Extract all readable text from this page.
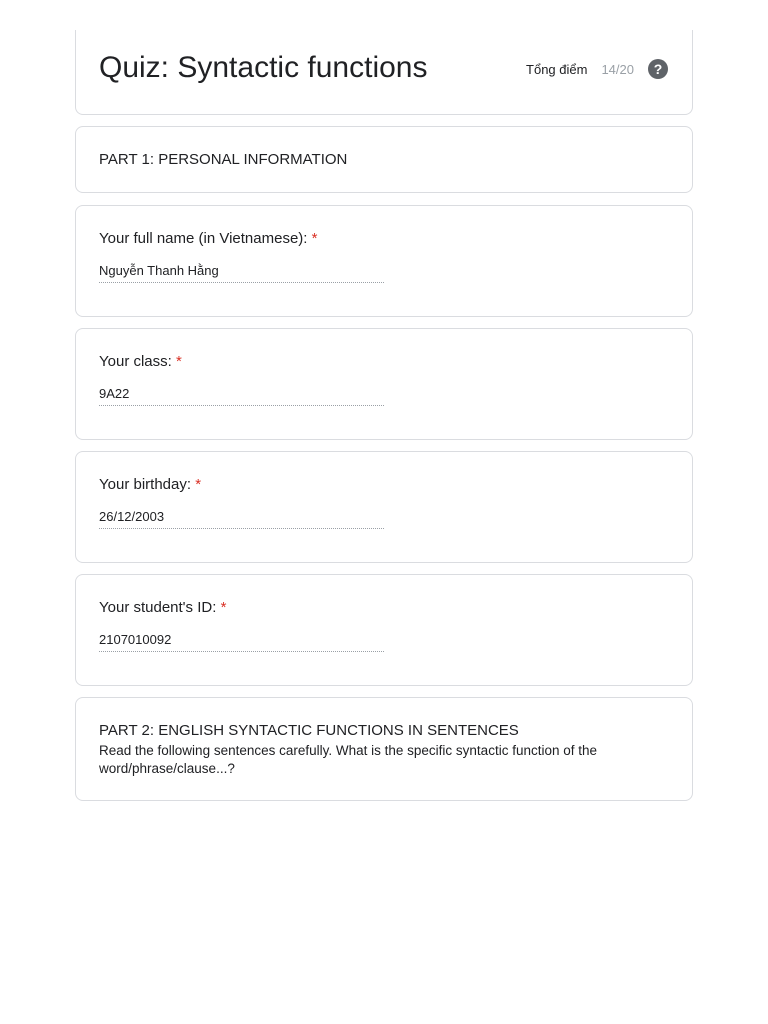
Quiz: Syntactic functions	Tổng điểm 14/20	?
PART 1: PERSONAL INFORMATION
Your full name (in Vietnamese): *
Nguyễn Thanh Hằng
Your class: *
9A22
Your birthday: *
26/12/2003
Your student's ID: *
2107010092
PART 2: ENGLISH SYNTACTIC FUNCTIONS IN SENTENCES
Read the following sentences carefully. What is the specific syntactic function of the word/phrase/clause...?
